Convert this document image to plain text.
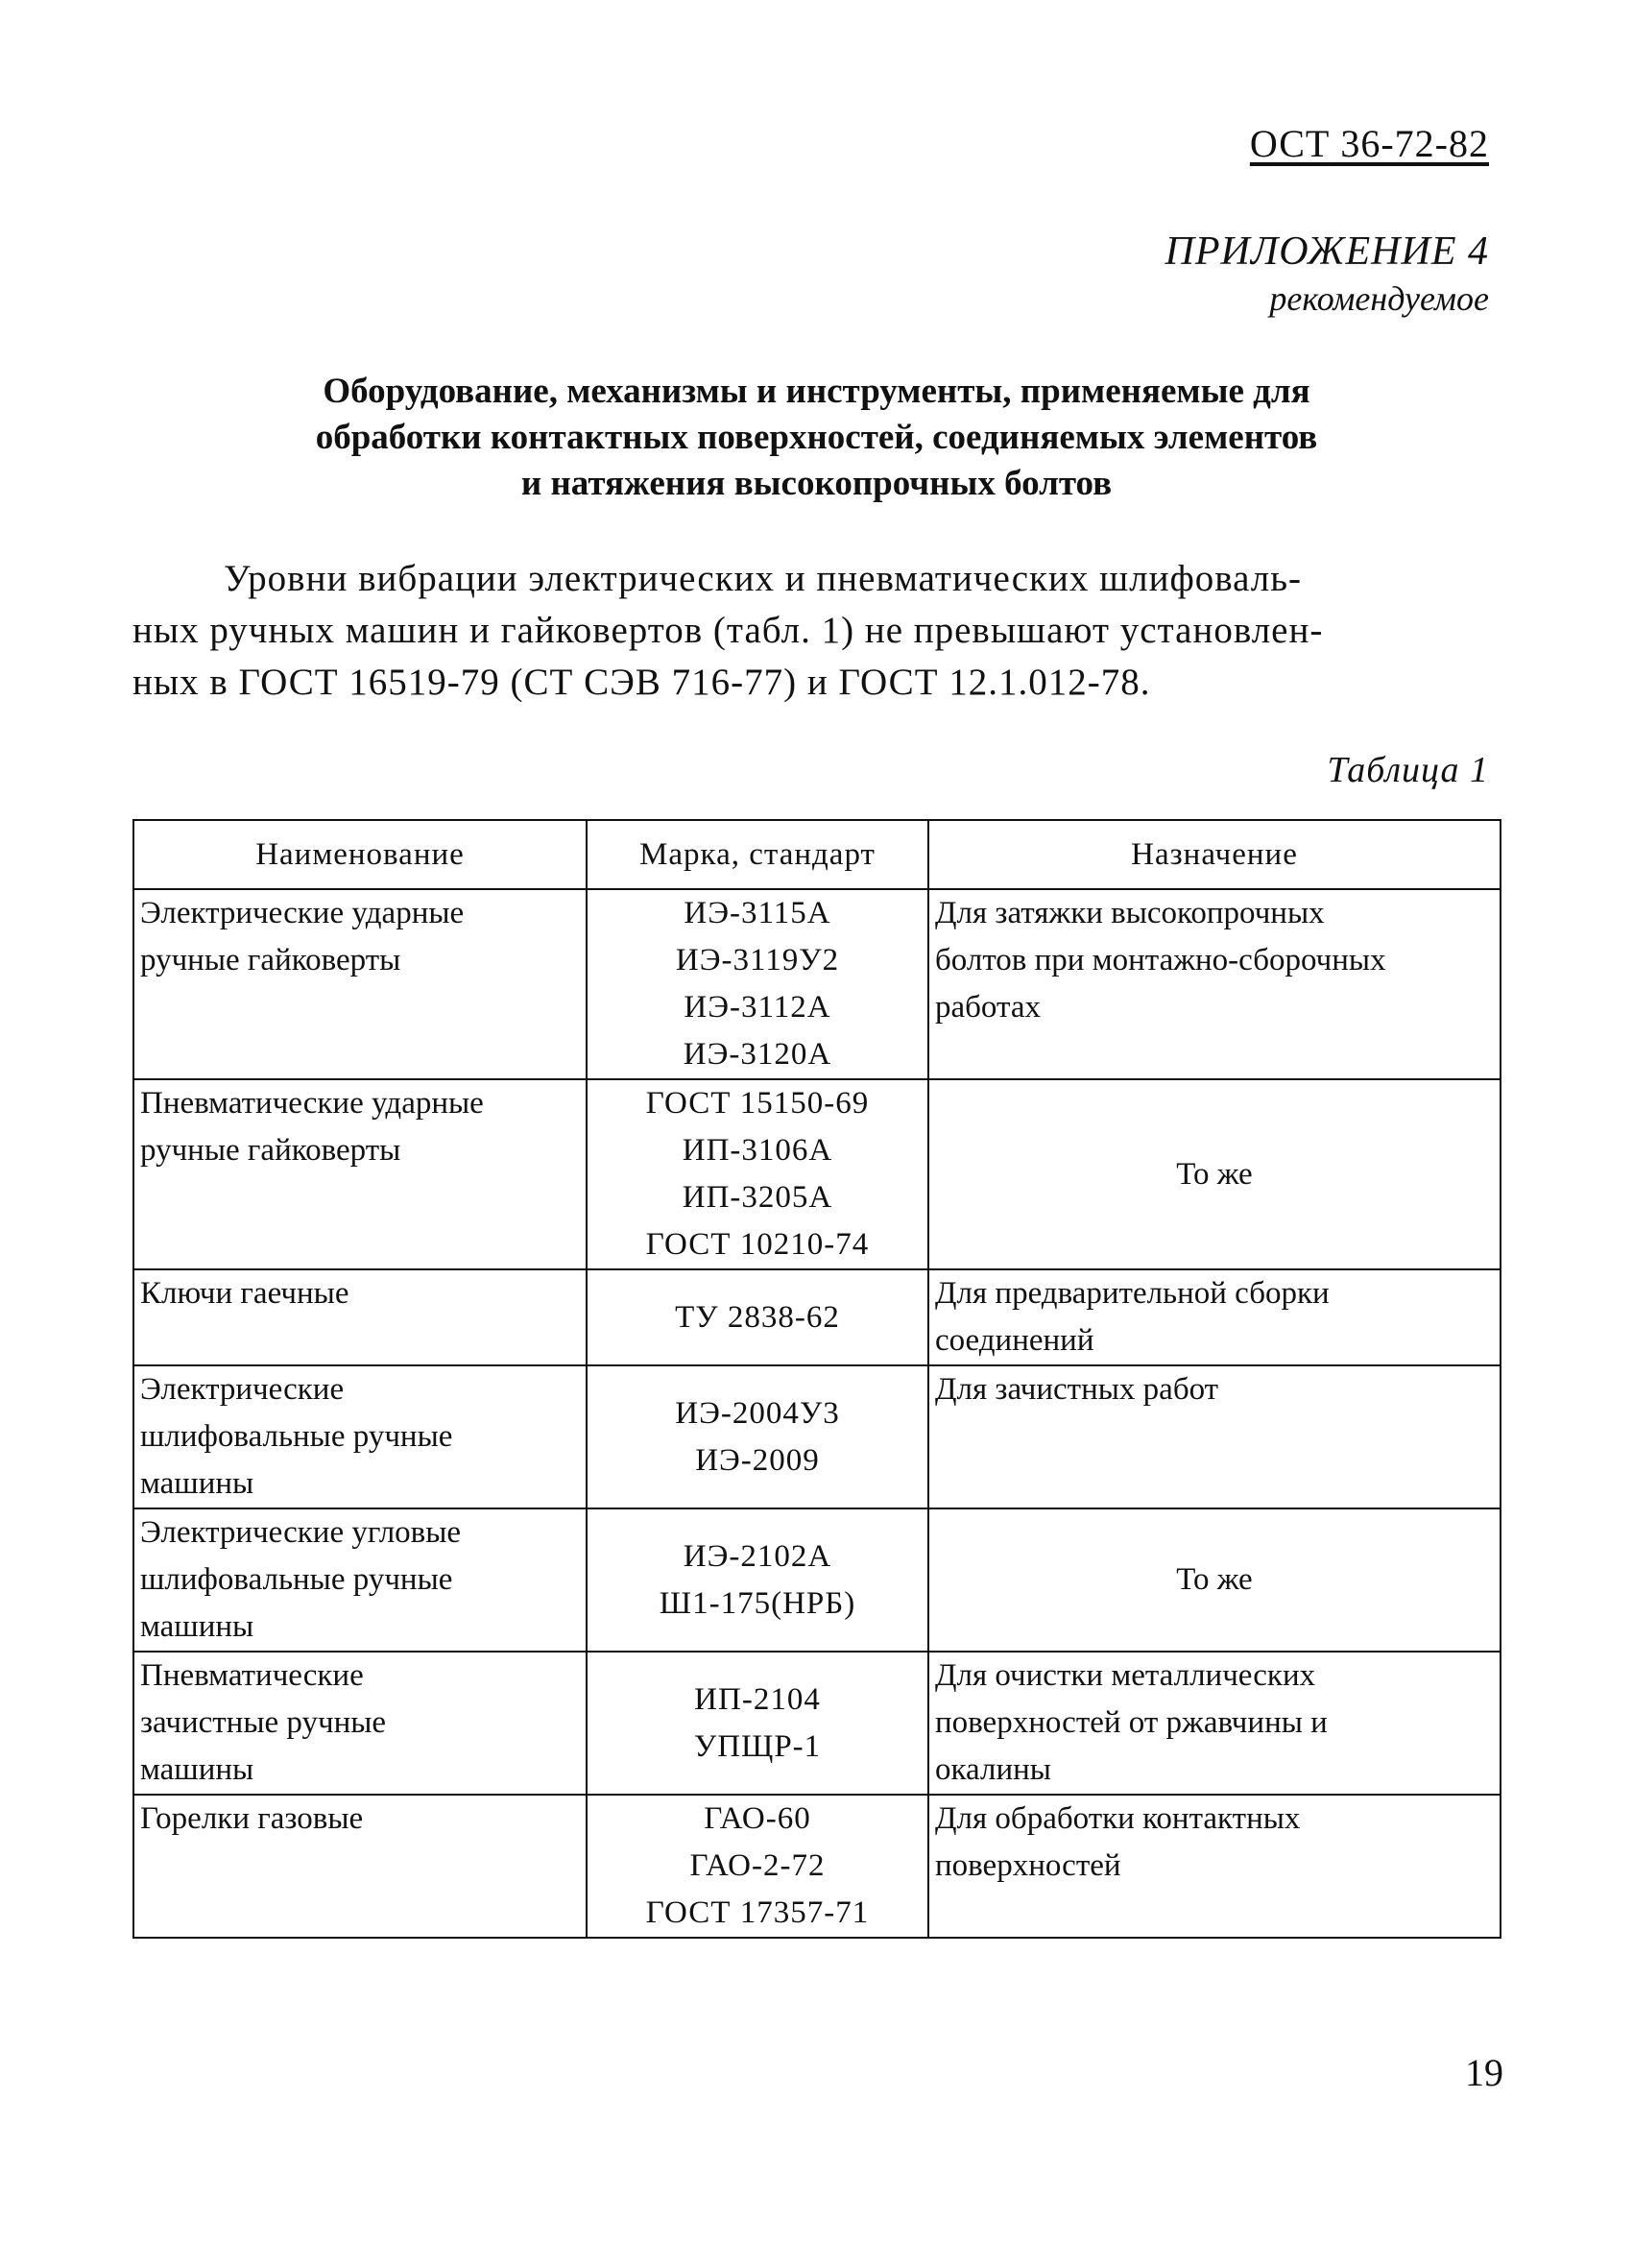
ОСТ 36-72-82
ПРИЛОЖЕНИЕ 4
рекомендуемое
Оборудование, механизмы и инструменты, применяемые для
обработки контактных поверхностей, соединяемых элементов
и натяжения высокопрочных болтов
Уровни вибрации электрических и пневматических шлифоваль-
ных ручных машин и гайковертов (табл. 1) не превышают установлен-
ных в ГОСТ 16519-79 (СТ СЭВ 716-77) и ГОСТ 12.1.012-78.
Таблица 1
Наименование	Марка, стандарт	Назначение

Электрические ударные
ручные гайковерты	ИЭ-3115А
ИЭ-3119У2
ИЭ-3112А
ИЭ-3120А	Для затяжки высокопрочных
болтов при монтажно-сборочных
работах

Пневматические ударные
ручные гайковерты	ГОСТ 15150-69
ИП-3106А
ИП-3205А
ГОСТ 10210-74	То же

Ключи гаечные	ТУ 2838-62	Для предварительной сборки
соединений

Электрические
шлифовальные ручные
машины	ИЭ-2004У3
ИЭ-2009	Для зачистных работ

Электрические угловые
шлифовальные ручные
машины	ИЭ-2102А
Ш1-175(НРБ)	То же

Пневматические
зачистные ручные
машины	ИП-2104
УПЩР-1	Для очистки металлических
поверхностей от ржавчины и
окалины

Горелки газовые	ГАО-60
ГАО-2-72
ГОСТ 17357-71	Для обработки контактных
поверхностей
19
